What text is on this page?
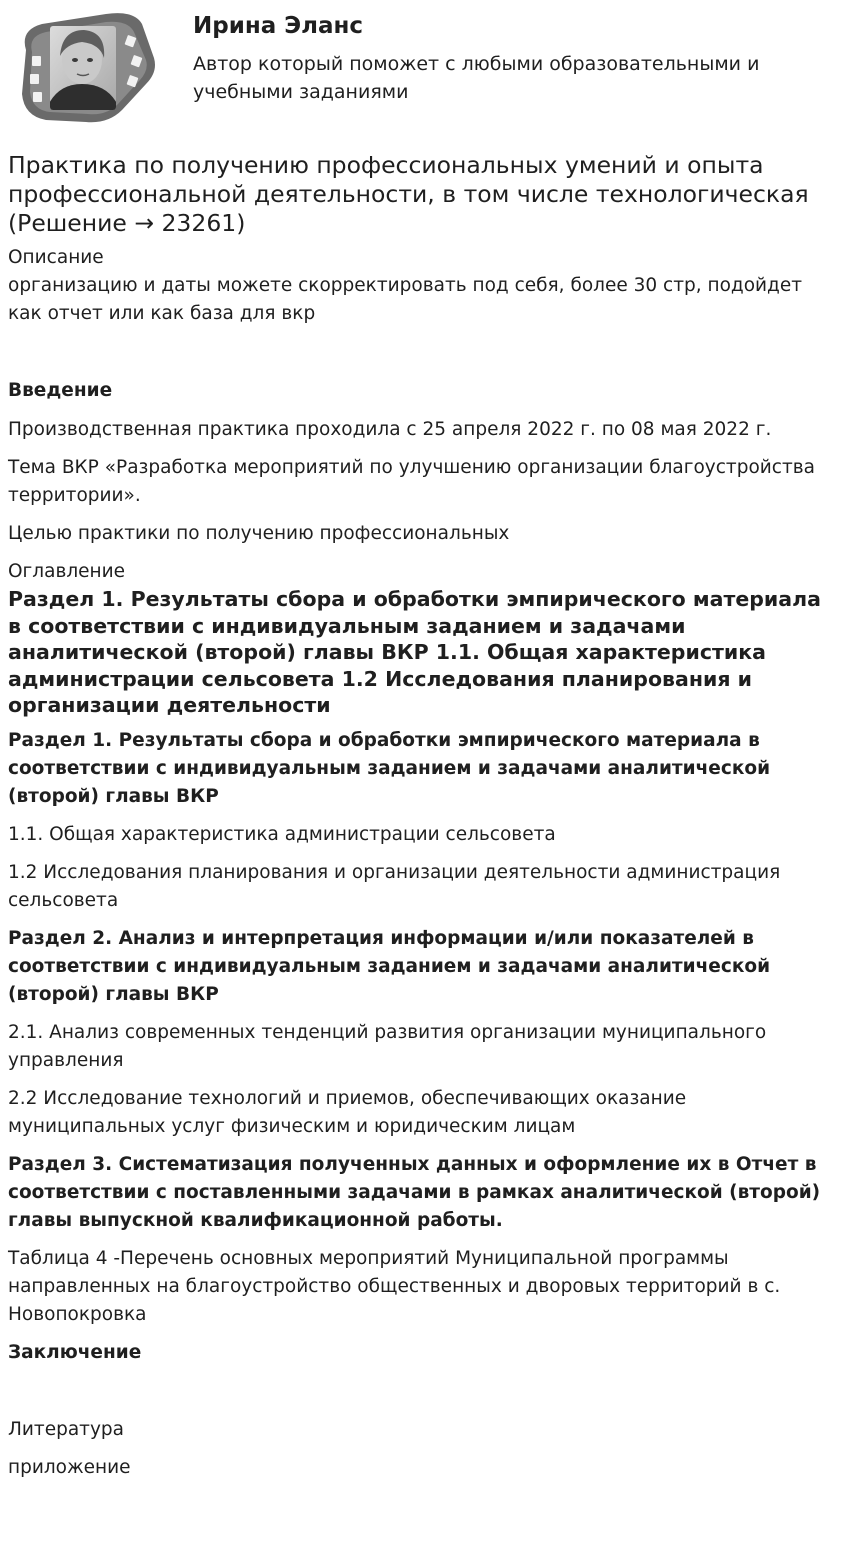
Ирина Эланс

Автор который поможет с любыми образовательными и учебными заданиями

Практика по получению профессиональных умений и опыта профессиональной деятельности, в том числе технологическая (Решение → 23261)

Описание

организацию и даты можете скорректировать под себя, более 30 стр, подойдет как отчет или как база для вкр

Введение

Производственная практика проходила с 25 апреля 2022 г. по 08 мая 2022 г.

Тема ВКР «Разработка мероприятий по улучшению организации благоустройства территории».

Целью практики по получению профессиональных

Оглавление

Раздел 1. Результаты сбора и обработки эмпирического материала в соответствии с индивидуальным заданием и задачами аналитической (второй) главы ВКР 1.1. Общая характеристика администрации сельсовета 1.2 Исследования планирования и организации деятельности

Раздел 1. Результаты сбора и обработки эмпирического материала в соответствии с индивидуальным заданием и задачами аналитической (второй) главы ВКР

1.1. Общая характеристика администрации сельсовета

1.2 Исследования планирования и организации деятельности администрация сельсовета

Раздел 2. Анализ и интерпретация информации и/или показателей в соответствии с индивидуальным заданием и задачами аналитической (второй) главы ВКР

2.1. Анализ современных тенденций развития организации муниципального управления

2.2 Исследование технологий и приемов, обеспечивающих оказание муниципальных услуг физическим и юридическим лицам

Раздел 3. Систематизация полученных данных и оформление их в Отчет в соответствии с поставленными задачами в рамках аналитической (второй) главы выпускной квалификационной работы.

Таблица 4 -Перечень основных мероприятий Муниципальной программы направленных на благоустройство общественных и дворовых территорий в с. Новопокровка

Заключение

Литература

приложение
